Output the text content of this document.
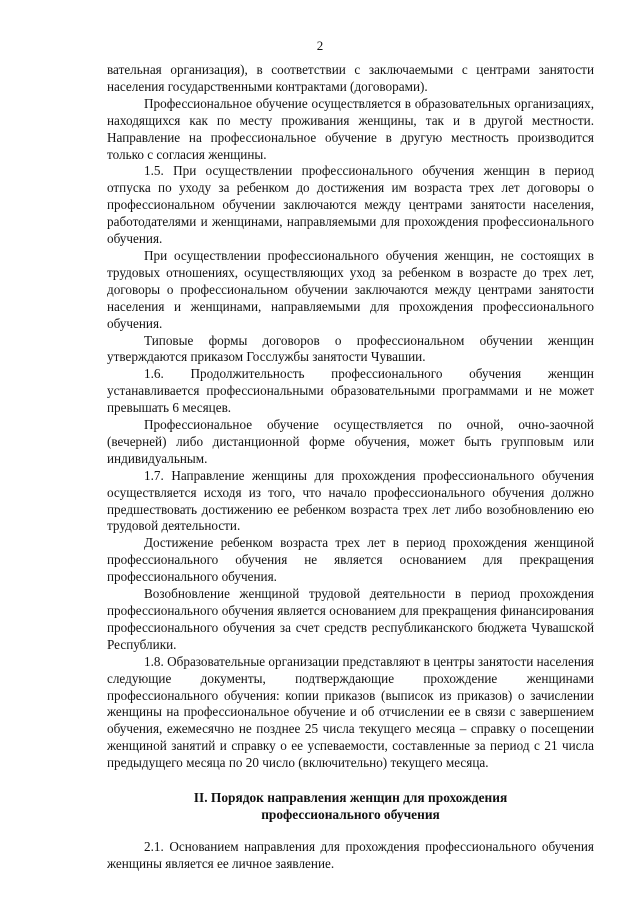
2

вательная организация), в соответствии с заключаемыми с центрами занятости населения государственными контрактами (договорами).

Профессиональное обучение осуществляется в образовательных организациях, находящихся как по месту проживания женщины, так и в другой местности. Направление на профессиональное обучение в другую местность производится только с согласия женщины.

1.5. При осуществлении профессионального обучения женщин в период отпуска по уходу за ребенком до достижения им возраста трех лет договоры о профессиональном обучении заключаются между центрами занятости населения, работодателями и женщинами, направляемыми для прохождения профессионального обучения.

При осуществлении профессионального обучения женщин, не состоящих в трудовых отношениях, осуществляющих уход за ребенком в возрасте до трех лет, договоры о профессиональном обучении заключаются между центрами занятости населения и женщинами, направляемыми для прохождения профессионального обучения.

Типовые формы договоров о профессиональном обучении женщин утверждаются приказом Госслужбы занятости Чувашии.

1.6. Продолжительность профессионального обучения женщин устанавливается профессиональными образовательными программами и не может превышать 6 месяцев.

Профессиональное обучение осуществляется по очной, очно-заочной (вечерней) либо дистанционной форме обучения, может быть групповым или индивидуальным.

1.7. Направление женщины для прохождения профессионального обучения осуществляется исходя из того, что начало профессионального обучения должно предшествовать достижению ее ребенком возраста трех лет либо возобновлению ею трудовой деятельности.

Достижение ребенком возраста трех лет в период прохождения женщиной профессионального обучения не является основанием для прекращения профессионального обучения.

Возобновление женщиной трудовой деятельности в период прохождения профессионального обучения является основанием для прекращения финансирования профессионального обучения за счет средств республиканского бюджета Чувашской Республики.

1.8. Образовательные организации представляют в центры занятости населения следующие документы, подтверждающие прохождение женщинами профессионального обучения: копии приказов (выписок из приказов) о зачислении женщины на профессиональное обучение и об отчислении ее в связи с завершением обучения, ежемесячно не позднее 25 числа текущего месяца – справку о посещении женщиной занятий и справку о ее успеваемости, составленные за период с 21 числа предыдущего месяца по 20 число (включительно) текущего месяца.

II. Порядок направления женщин для прохождения
профессионального обучения

2.1. Основанием направления для прохождения профессионального обучения женщины является ее личное заявление.
